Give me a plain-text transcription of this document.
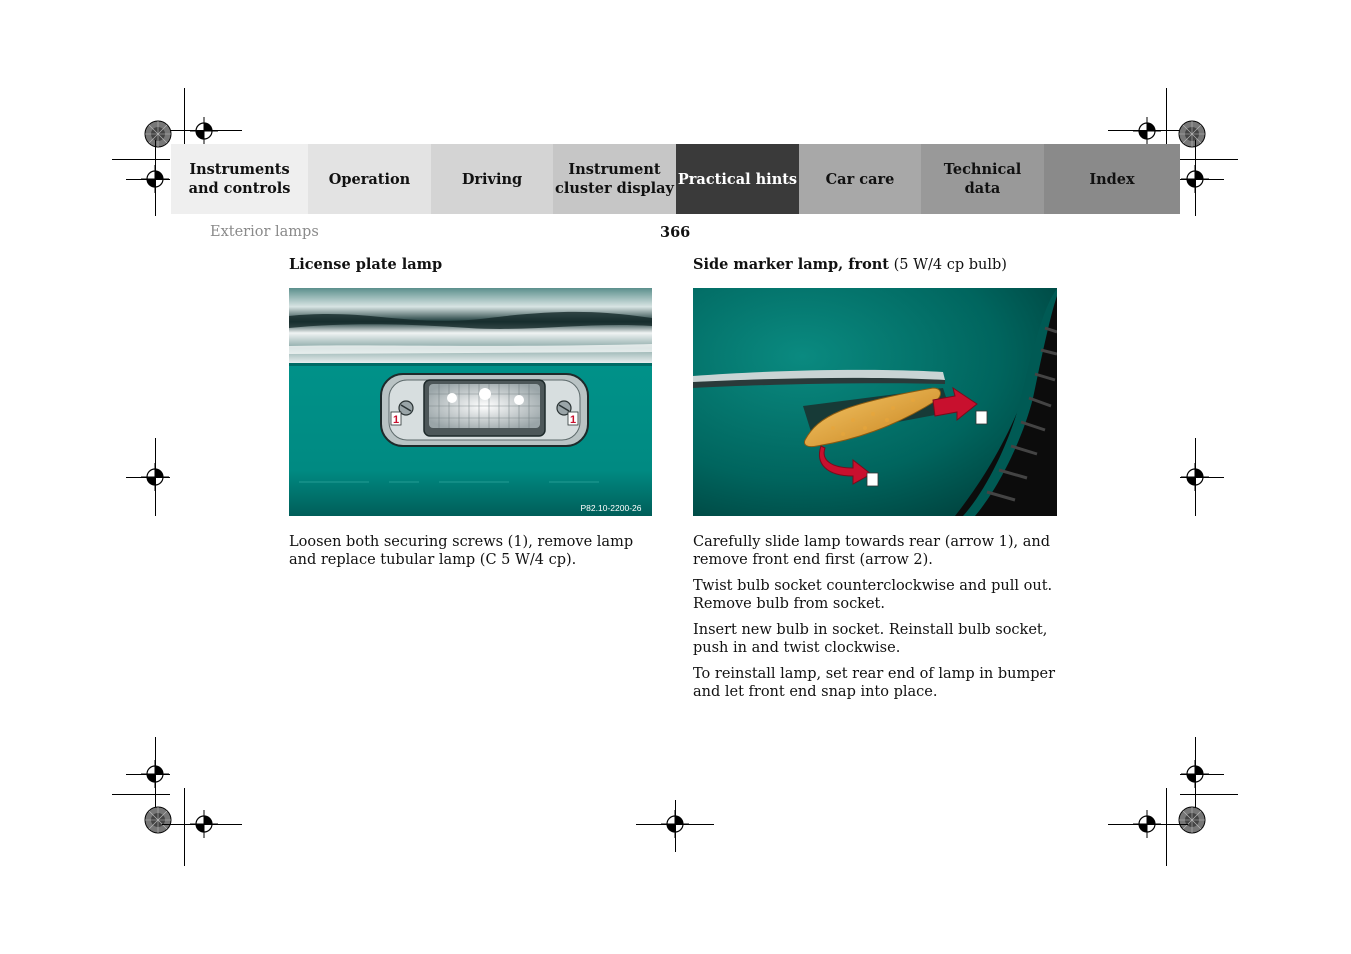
Instruments
and controls
Operation	Driving
Instrument
cluster display
Practical hints Car care
Technical
data
Index
Exterior lamps	366
License plate lamp
1	1
P82.10-2200-26

Loosen both securing screws (1), remove lamp and replace tubular lamp (C 5 W/4 cp).

Side marker lamp, front (5 W/4 cp bulb)

Carefully slide lamp towards rear (arrow 1), and remove front end first (arrow 2).

Twist bulb socket counterclockwise and pull out. Remove bulb from socket.

Insert new bulb in socket. Reinstall bulb socket, push in and twist clockwise.

To reinstall lamp, set rear end of lamp in bumper and let front end snap into place.
